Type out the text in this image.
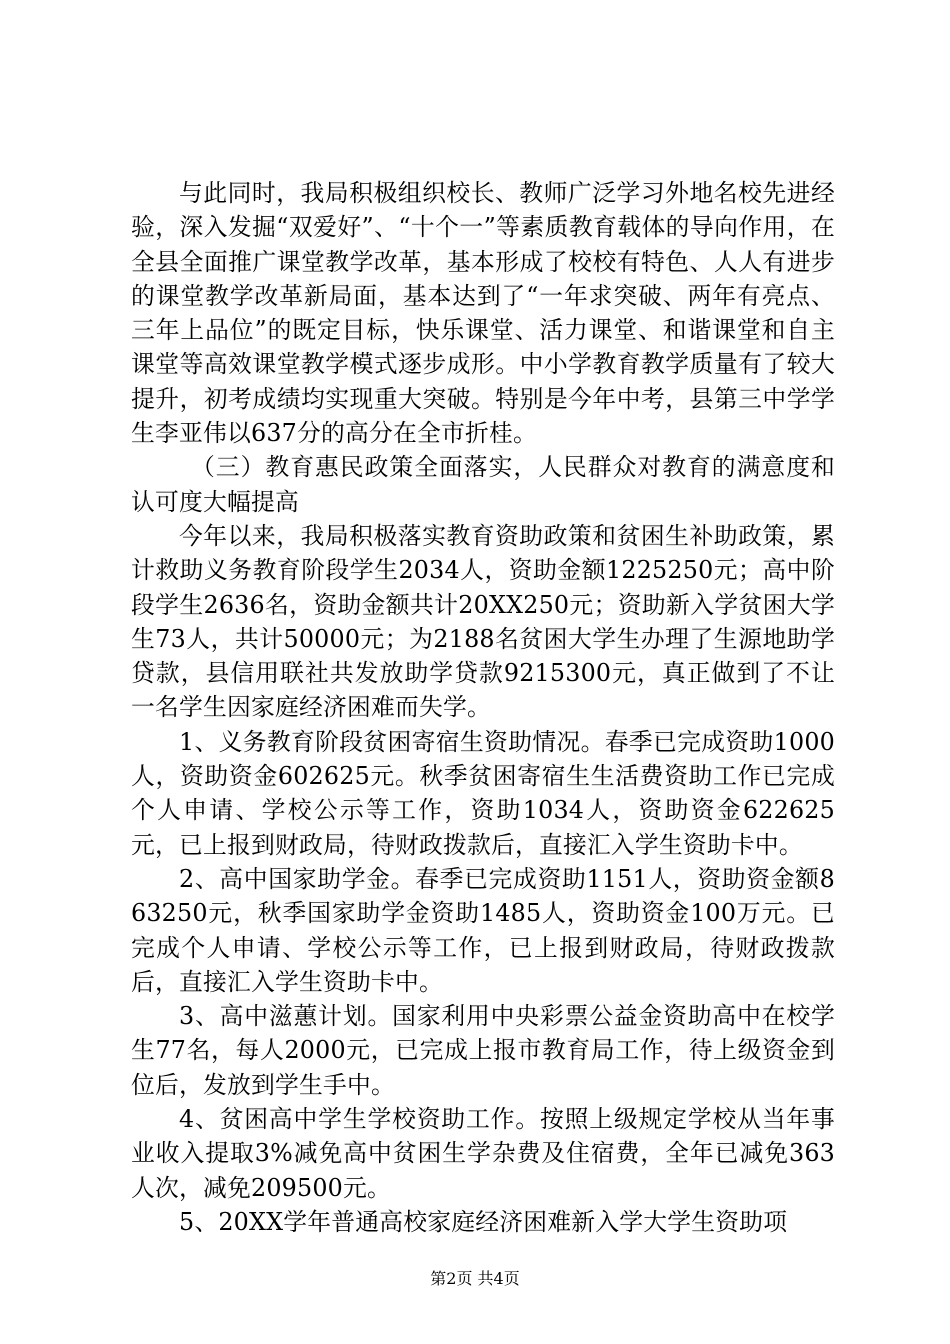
与此同时，我局积极组织校长、教师广泛学习外地名校先进经验，深入发掘“双爱好”、“十个一”等素质教育载体的导向作用，在全县全面推广课堂教学改革，基本形成了校校有特色、人人有进步的课堂教学改革新局面，基本达到了“一年求突破、两年有亮点、三年上品位”的既定目标，快乐课堂、活力课堂、和谐课堂和自主课堂等高效课堂教学模式逐步成形。中小学教育教学质量有了较大提升，初考成绩均实现重大突破。特别是今年中考，县第三中学学生李亚伟以637分的高分在全市折桂。

（三）教育惠民政策全面落实，人民群众对教育的满意度和认可度大幅提高

今年以来，我局积极落实教育资助政策和贫困生补助政策，累计救助义务教育阶段学生2034人，资助金额1225250元；高中阶段学生2636名，资助金额共计20XX250元；资助新入学贫困大学生73人，共计50000元；为2188名贫困大学生办理了生源地助学贷款，县信用联社共发放助学贷款9215300元，真正做到了不让一名学生因家庭经济困难而失学。

1、义务教育阶段贫困寄宿生资助情况。春季已完成资助1000人，资助资金602625元。秋季贫困寄宿生生活费资助工作已完成个人申请、学校公示等工作，资助1034人，资助资金622625元，已上报到财政局，待财政拨款后，直接汇入学生资助卡中。

2、高中国家助学金。春季已完成资助1151人，资助资金额863250元，秋季国家助学金资助1485人，资助资金100万元。已完成个人申请、学校公示等工作，已上报到财政局，待财政拨款后，直接汇入学生资助卡中。

3、高中滋蕙计划。国家利用中央彩票公益金资助高中在校学生77名，每人2000元，已完成上报市教育局工作，待上级资金到位后，发放到学生手中。

4、贫困高中学生学校资助工作。按照上级规定学校从当年事业收入提取3%减免高中贫困生学杂费及住宿费，全年已减免363人次，减免209500元。

5、20XX学年普通高校家庭经济困难新入学大学生资助项

第2页 共4页
